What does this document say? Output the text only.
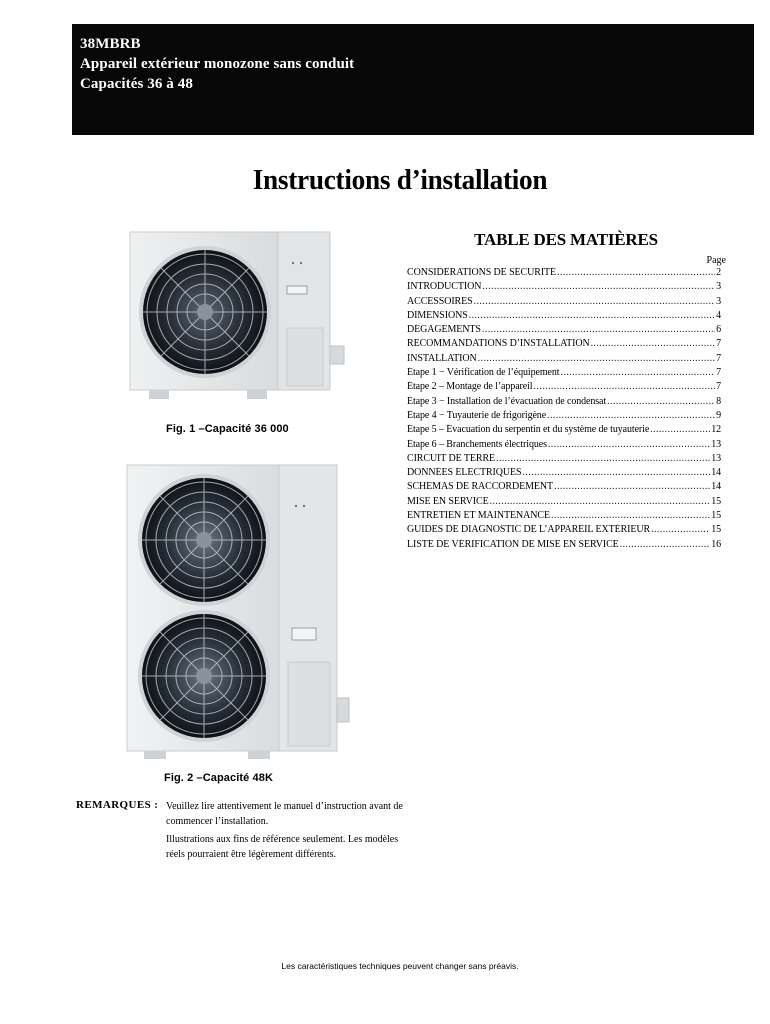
38MBRB
Appareil extérieur monozone sans conduit
Capacités 36 à 48
Instructions d’installation
Fig. 1 –Capacité 36 000
Fig. 2 –Capacité 48K
TABLE DES MATIÈRES
Page
CONSIDÉRATIONS DE SÉCURITÉ .....	2
INTRODUCTION .....	3
ACCESSOIRES .....	3
DIMENSIONS .....	4
DÉGAGEMENTS .....	6
RECOMMANDATIONS D’INSTALLATION .....	7
INSTALLATION .....	7
Étape 1 − Vérification de l’équipement .....	7
Étape 2 – Montage de l’appareil .....	7
Étape 3 − Installation de l’évacuation de condensat .....	8
Étape 4 − Tuyauterie de frigorigène .....	9
Étape 5 – Évacuation du serpentin et du système de tuyauterie .....	12
Étape 6 – Branchements électriques .....	13
CIRCUIT DE TERRE .....	13
DONNÉES ÉLECTRIQUES .....	14
SCHÉMAS DE RACCORDEMENT .....	14
MISE EN SERVICE .....	15
ENTRETIEN ET MAINTENANCE .....	15
GUIDES DE DIAGNOSTIC DE L’APPAREIL EXTÉRIEUR .....	15
LISTE DE VÉRIFICATION DE MISE EN SERVICE .....	16
REMARQUES : Veuillez lire attentivement le manuel d’instruction avant de commencer l’installation.

Illustrations aux fins de référence seulement. Les modèles réels pourraient être légèrement différents.

Les caractéristiques techniques peuvent changer sans préavis.
